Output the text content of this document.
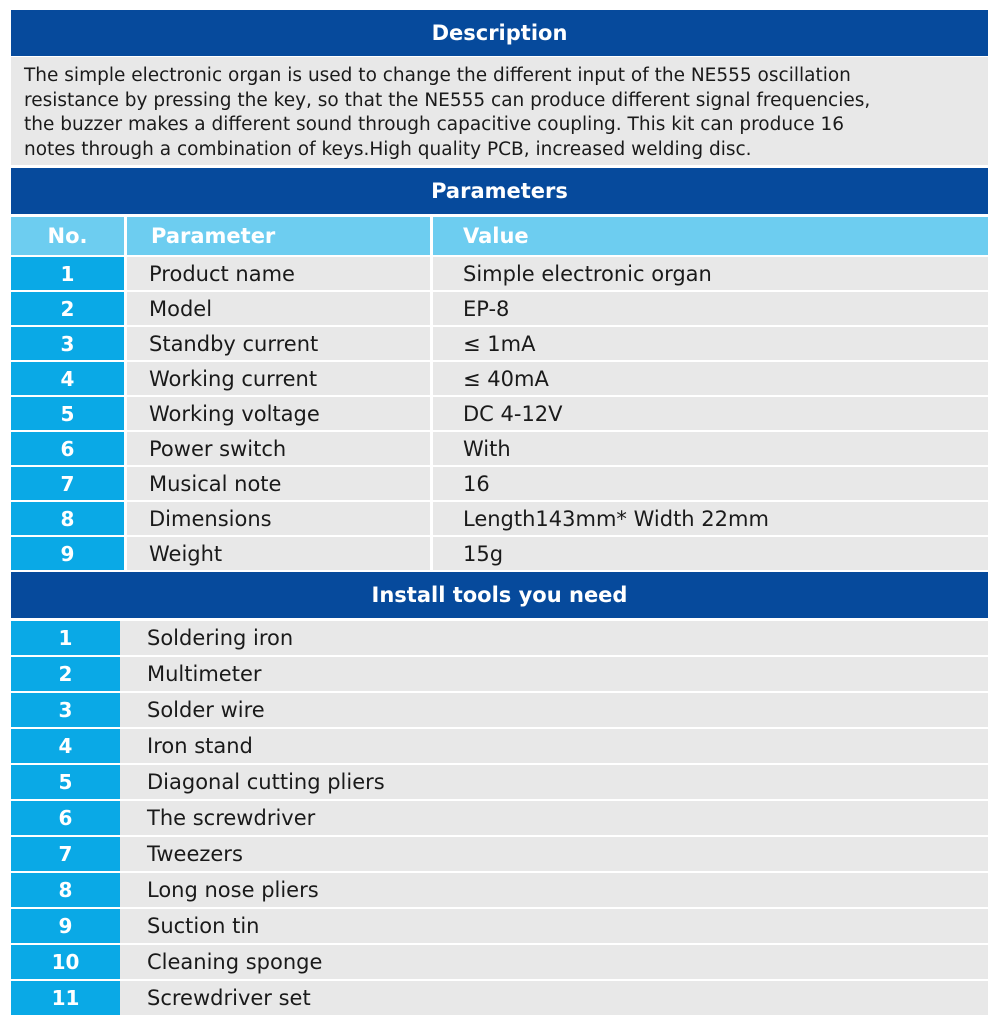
Description
The simple electronic organ is used to change the different input of the NE555 oscillation
resistance by pressing the key, so that the NE555 can produce different signal frequencies,
the buzzer makes a different sound through capacitive coupling. This kit can produce 16
notes through a combination of keys.High quality PCB, increased welding disc.
Parameters
No.	Parameter	Value
1	Product name	Simple electronic organ
2	Model	EP-8
3	Standby current	≤ 1mA
4	Working current	≤ 40mA
5	Working voltage	DC 4-12V
6	Power switch	With
7	Musical note	16
8	Dimensions	Length143mm* Width 22mm
9	Weight	15g
Install tools you need
1	Soldering iron
2	Multimeter
3	Solder wire
4	Iron stand
5	Diagonal cutting pliers
6	The screwdriver
7	Tweezers
8	Long nose pliers
9	Suction tin
10	Cleaning sponge
11	Screwdriver set
